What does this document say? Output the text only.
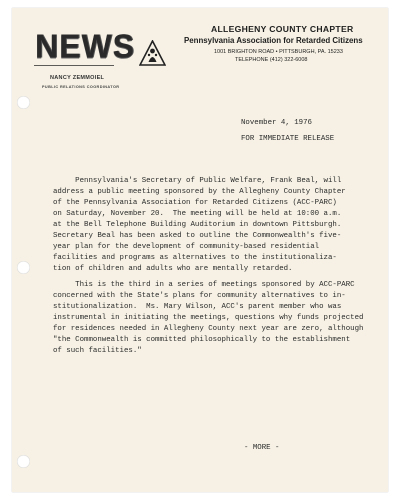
NEWS
NANCY ZEMMOIEL
PUBLIC RELATIONS COORDINATOR
ALLEGHENY COUNTY CHAPTER
Pennsylvania Association for Retarded Citizens
1001 BRIGHTON ROAD • PITTSBURGH, PA. 15233
TELEPHONE (412) 322-6008
November 4, 1976
FOR IMMEDIATE RELEASE
Pennsylvania's Secretary of Public Welfare, Frank Beal, will
address a public meeting sponsored by the Allegheny County Chapter
of the Pennsylvania Association for Retarded Citizens (ACC-PARC)
on Saturday, November 20.  The meeting will be held at 10:00 a.m.
at the Bell Telephone Building Auditorium in downtown Pittsburgh.
Secretary Beal has been asked to outline the Commonwealth's five-
year plan for the development of community-based residential
facilities and programs as alternatives to the institutionaliza-
tion of children and adults who are mentally retarded.
This is the third in a series of meetings sponsored by ACC-PARC
concerned with the State's plans for community alternatives to in-
stitutionalization.  Ms. Mary Wilson, ACC's parent member who was
instrumental in initiating the meetings, questions why funds projected
for residences needed in Allegheny County next year are zero, although
"the Commonwealth is committed philosophically to the establishment
of such facilities."
- MORE -
